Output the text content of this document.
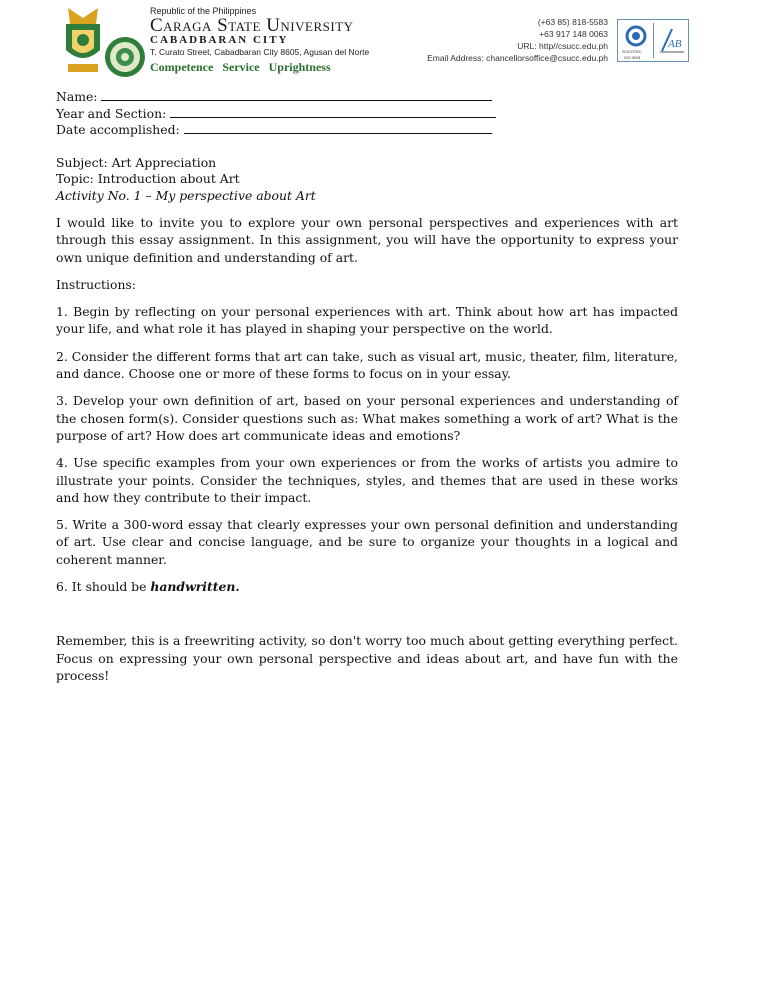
Republic of the Philippines
Caraga State University
CABADBARAN CITY
T. Curato Street, Cabadbaran City 8605, Agusan del Norte
Competence Service Uprightness
(+63 85) 818-5583
+63 917 148 0063
URL: http//csucc.edu.ph
Email Address: chancellorsoffice@csucc.edu.ph
SOCOTEC
ISO 9001
AB
Name:
Year and Section:
Date accomplished:
Subject: Art Appreciation
Topic: Introduction about Art
Activity No. 1 – My perspective about Art

I would like to invite you to explore your own personal perspectives and experiences with art through this essay assignment. In this assignment, you will have the opportunity to express your own unique definition and understanding of art.

Instructions:

1. Begin by reflecting on your personal experiences with art. Think about how art has impacted your life, and what role it has played in shaping your perspective on the world.

2. Consider the different forms that art can take, such as visual art, music, theater, film, literature, and dance. Choose one or more of these forms to focus on in your essay.

3. Develop your own definition of art, based on your personal experiences and understanding of the chosen form(s). Consider questions such as: What makes something a work of art? What is the purpose of art? How does art communicate ideas and emotions?

4. Use specific examples from your own experiences or from the works of artists you admire to illustrate your points. Consider the techniques, styles, and themes that are used in these works and how they contribute to their impact.

5. Write a 300-word essay that clearly expresses your own personal definition and understanding of art. Use clear and concise language, and be sure to organize your thoughts in a logical and coherent manner.

6. It should be handwritten.

Remember, this is a freewriting activity, so don't worry too much about getting everything perfect. Focus on expressing your own personal perspective and ideas about art, and have fun with the process!
